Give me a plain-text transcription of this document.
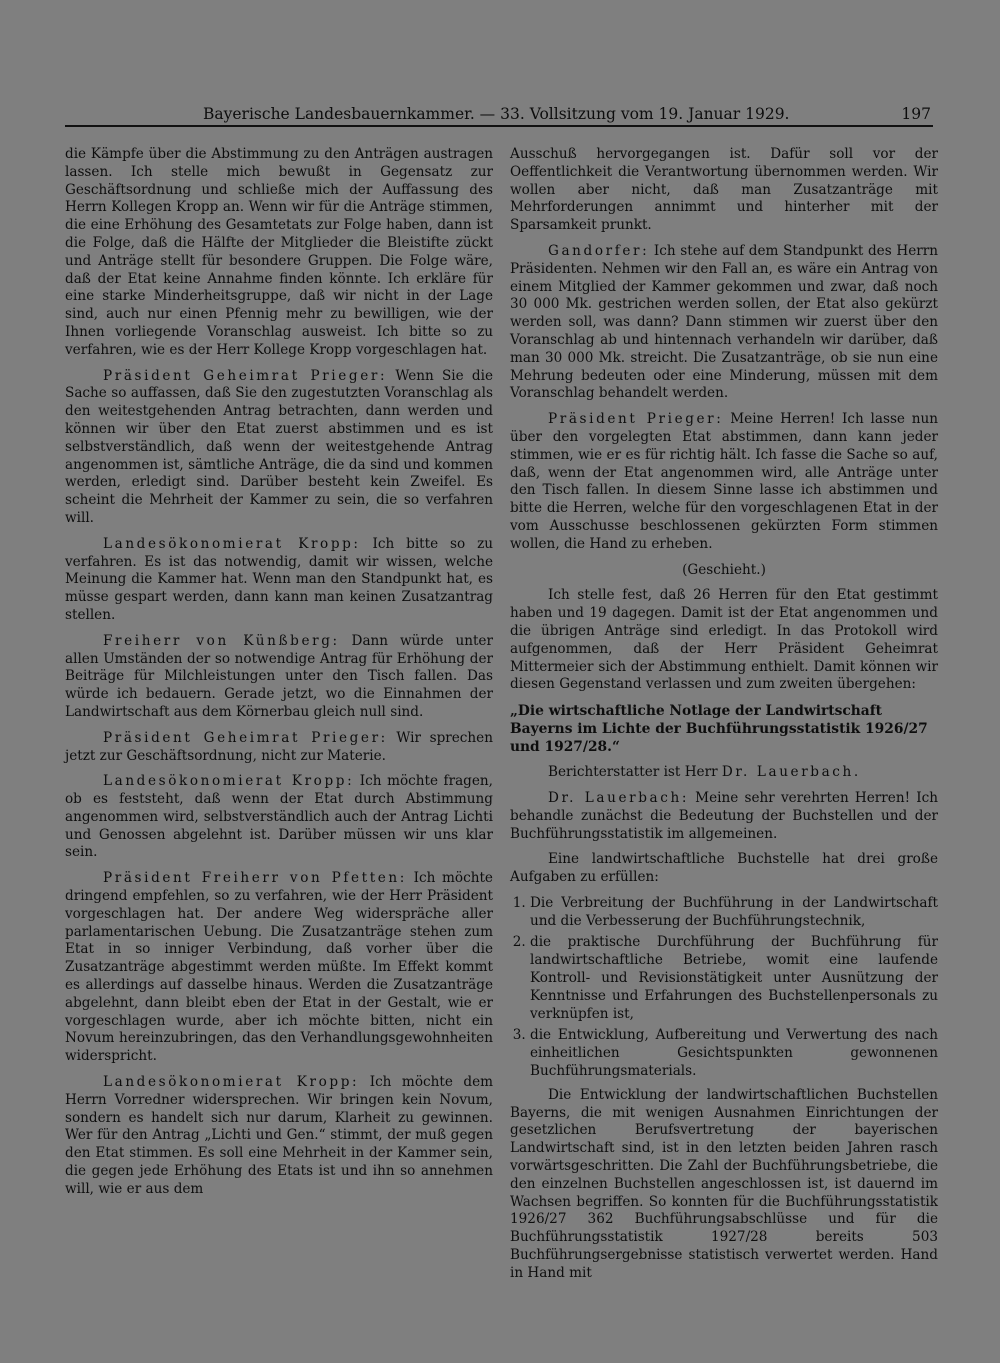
Bayerische Landesbauernkammer. — 33. Vollsitzung vom 19. Januar 1929.	197

die Kämpfe über die Abstimmung zu den Anträgen austragen lassen. Ich stelle mich bewußt in Gegensatz zur Geschäftsordnung und schließe mich der Auffassung des Herrn Kollegen Kropp an. Wenn wir für die Anträge stimmen, die eine Erhöhung des Gesamtetats zur Folge haben, dann ist die Folge, daß die Hälfte der Mitglieder die Bleistifte zückt und Anträge stellt für besondere Gruppen. Die Folge wäre, daß der Etat keine Annahme finden könnte. Ich erkläre für eine starke Minderheitsgruppe, daß wir nicht in der Lage sind, auch nur einen Pfennig mehr zu bewilligen, wie der Ihnen vorliegende Voranschlag ausweist. Ich bitte so zu verfahren, wie es der Herr Kollege Kropp vorgeschlagen hat.

Präsident Geheimrat Prieger: Wenn Sie die Sache so auffassen, daß Sie den zugestutzten Voranschlag als den weitestgehenden Antrag betrachten, dann werden und können wir über den Etat zuerst abstimmen und es ist selbstverständlich, daß wenn der weitestgehende Antrag angenommen ist, sämtliche Anträge, die da sind und kommen werden, erledigt sind. Darüber besteht kein Zweifel. Es scheint die Mehrheit der Kammer zu sein, die so verfahren will.

Landesökonomierat Kropp: Ich bitte so zu verfahren. Es ist das notwendig, damit wir wissen, welche Meinung die Kammer hat. Wenn man den Standpunkt hat, es müsse gespart werden, dann kann man keinen Zusatzantrag stellen.

Freiherr von Künßberg: Dann würde unter allen Umständen der so notwendige Antrag für Erhöhung der Beiträge für Milchleistungen unter den Tisch fallen. Das würde ich bedauern. Gerade jetzt, wo die Einnahmen der Landwirtschaft aus dem Körnerbau gleich null sind.

Präsident Geheimrat Prieger: Wir sprechen jetzt zur Geschäftsordnung, nicht zur Materie.

Landesökonomierat Kropp: Ich möchte fragen, ob es feststeht, daß wenn der Etat durch Abstimmung angenommen wird, selbstverständlich auch der Antrag Lichti und Genossen abgelehnt ist. Darüber müssen wir uns klar sein.

Präsident Freiherr von Pfetten: Ich möchte dringend empfehlen, so zu verfahren, wie der Herr Präsident vorgeschlagen hat. Der andere Weg widerspräche aller parlamentarischen Uebung. Die Zusatzanträge stehen zum Etat in so inniger Verbindung, daß vorher über die Zusatzanträge abgestimmt werden müßte. Im Effekt kommt es allerdings auf dasselbe hinaus. Werden die Zusatzanträge abgelehnt, dann bleibt eben der Etat in der Gestalt, wie er vorgeschlagen wurde, aber ich möchte bitten, nicht ein Novum hereinzubringen, das den Verhandlungsgewohnheiten widerspricht.

Landesökonomierat Kropp: Ich möchte dem Herrn Vorredner widersprechen. Wir bringen kein Novum, sondern es handelt sich nur darum, Klarheit zu gewinnen. Wer für den Antrag „Lichti und Gen.“ stimmt, der muß gegen den Etat stimmen. Es soll eine Mehrheit in der Kammer sein, die gegen jede Erhöhung des Etats ist und ihn so annehmen will, wie er aus dem

Ausschuß hervorgegangen ist. Dafür soll vor der Oeffentlichkeit die Verantwortung übernommen werden. Wir wollen aber nicht, daß man Zusatzanträge mit Mehrforderungen annimmt und hinterher mit der Sparsamkeit prunkt.

Gandorfer: Ich stehe auf dem Standpunkt des Herrn Präsidenten. Nehmen wir den Fall an, es wäre ein Antrag von einem Mitglied der Kammer gekommen und zwar, daß noch 30 000 Mk. gestrichen werden sollen, der Etat also gekürzt werden soll, was dann? Dann stimmen wir zuerst über den Voranschlag ab und hintennach verhandeln wir darüber, daß man 30 000 Mk. streicht. Die Zusatzanträge, ob sie nun eine Mehrung bedeuten oder eine Minderung, müssen mit dem Voranschlag behandelt werden.

Präsident Prieger: Meine Herren! Ich lasse nun über den vorgelegten Etat abstimmen, dann kann jeder stimmen, wie er es für richtig hält. Ich fasse die Sache so auf, daß, wenn der Etat angenommen wird, alle Anträge unter den Tisch fallen. In diesem Sinne lasse ich abstimmen und bitte die Herren, welche für den vorgeschlagenen Etat in der vom Ausschusse beschlossenen gekürzten Form stimmen wollen, die Hand zu erheben.

(Geschieht.)

Ich stelle fest, daß 26 Herren für den Etat gestimmt haben und 19 dagegen. Damit ist der Etat angenommen und die übrigen Anträge sind erledigt. In das Protokoll wird aufgenommen, daß der Herr Präsident Geheimrat Mittermeier sich der Abstimmung enthielt. Damit können wir diesen Gegenstand verlassen und zum zweiten übergehen:

„Die wirtschaftliche Notlage der Landwirtschaft Bayerns im Lichte der Buchführungsstatistik 1926/27 und 1927/28.“

Berichterstatter ist Herr Dr. Lauerbach.

Dr. Lauerbach: Meine sehr verehrten Herren! Ich behandle zunächst die Bedeutung der Buchstellen und der Buchführungsstatistik im allgemeinen.

Eine landwirtschaftliche Buchstelle hat drei große Aufgaben zu erfüllen:

1. Die Verbreitung der Buchführung in der Landwirtschaft und die Verbesserung der Buchführungstechnik,
2. die praktische Durchführung der Buchführung für landwirtschaftliche Betriebe, womit eine laufende Kontroll- und Revisionstätigkeit unter Ausnützung der Kenntnisse und Erfahrungen des Buchstellenpersonals zu verknüpfen ist,
3. die Entwicklung, Aufbereitung und Verwertung des nach einheitlichen Gesichtspunkten gewonnenen Buchführungsmaterials.

Die Entwicklung der landwirtschaftlichen Buchstellen Bayerns, die mit wenigen Ausnahmen Einrichtungen der gesetzlichen Berufsvertretung der bayerischen Landwirtschaft sind, ist in den letzten beiden Jahren rasch vorwärtsgeschritten. Die Zahl der Buchführungsbetriebe, die den einzelnen Buchstellen angeschlossen ist, ist dauernd im Wachsen begriffen. So konnten für die Buchführungsstatistik 1926/27 362 Buchführungsabschlüsse und für die Buchführungsstatistik 1927/28 bereits 503 Buchführungsergebnisse statistisch verwertet werden. Hand in Hand mit
